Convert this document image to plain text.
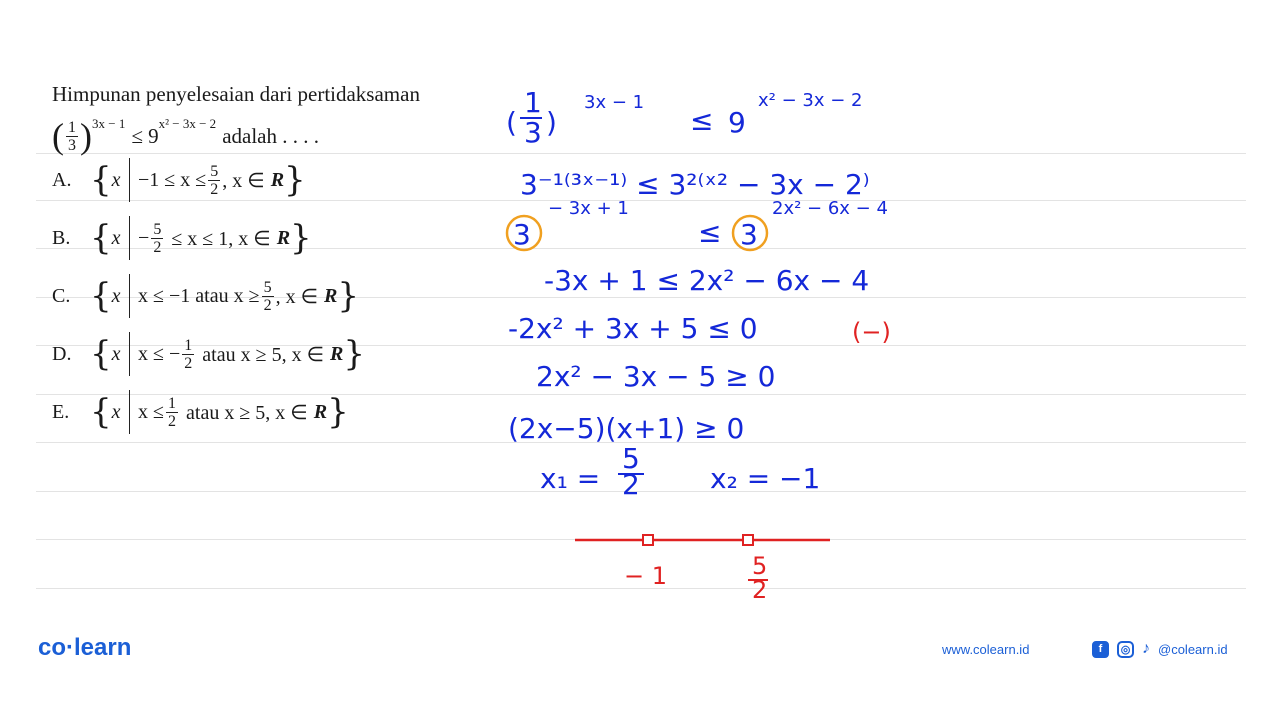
Himpunan penyelesaian dari pertidaksaman
( $\frac{1}{3}$ ) 3x − 1 ≤ 9 x² − 3x − 2 adalah . . . .
A. { $x -1 \le x \le \frac{5}{2}$ , x ∈ R }
B. { $x - \frac{5}{2} \le x \le 1$, x ∈ R }
C. { x x ≤ −1 atau $x \ge \frac{5}{2}$ , x ∈ R }
D. { x x ≤ − $\frac{1}{2}$ atau x ≥ 5, x ∈ R }
E. { x $x \le \frac{1}{2}$ atau x ≥ 5, x ∈ R }
(
1
3 )
3x − 1
≤ 9
x² − 3x − 2
3⁻¹⁽³ˣ⁻¹⁾ ≤ 3²⁽ˣ² − 3x − 2⁾
3
− 3x + 1
≤ 3
2x² − 6x − 4
-3x + 1 ≤ 2x² − 6x − 4
-2x² + 3x + 5 ≤ 0	(−)
2x² − 3x − 5 ≥ 0
(2x−5)(x+1) ≥ 0
x₁ =
5
2	x₂ = −1
− 1	5
2
co·learn	www.colearn.id	f	◎ ♪ @colearn.id
